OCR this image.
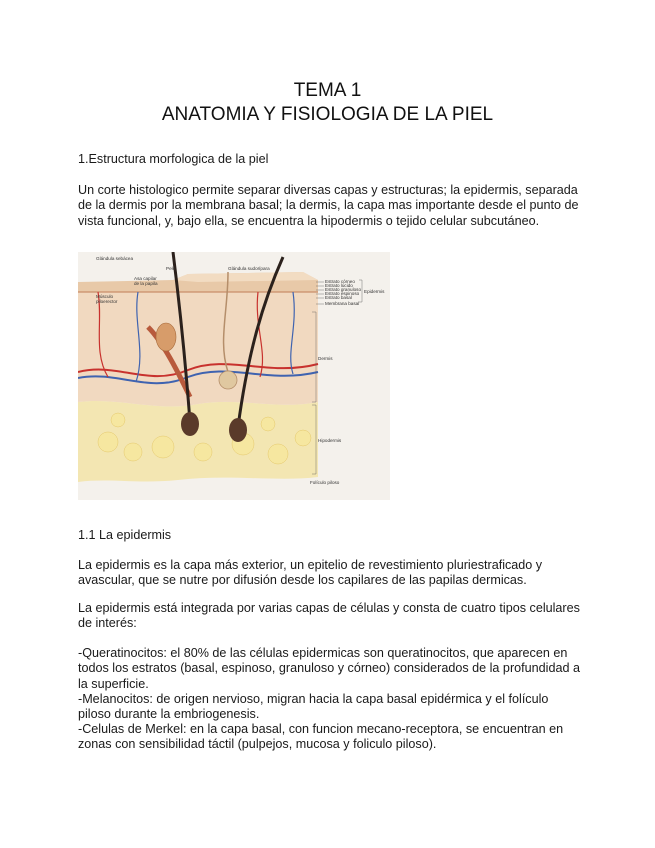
TEMA 1
ANATOMIA Y FISIOLOGIA DE LA PIEL

1.Estructura morfologica de la piel

Un corte histologico permite separar diversas capas y estructuras; la epidermis, separada de la dermis por la membrana basal; la dermis, la capa mas importante desde el punto de vista funcional, y, bajo ella, se encuentra la hipodermis o tejido celular subcutáneo.

Glándula sebácea
Pelo	Glándula sudorípara
Asa capilar
de la papila
Músculo
piloerector
Estrato córneo
Estrato lúcido
Estrato granuloso
Estrato espinoso
Estrato basal
Membrana basal
Epidermis
Dermis
Hipodermis
Folículo piloso

1.1 La epidermis

La epidermis es la capa más exterior, un epitelio de revestimiento pluriestraficado y avascular, que se nutre por difusión desde los capilares de las papilas dermicas.

La epidermis está integrada por varias capas de células y consta de cuatro tipos celulares de interés:

-Queratinocitos: el 80% de las células epidermicas son queratinocitos, que aparecen en todos los estratos (basal, espinoso, granuloso y córneo) considerados de la profundidad a la superficie.

-Melanocitos: de origen nervioso, migran hacia la capa basal epidérmica y el folículo piloso durante la embriogenesis.

-Celulas de Merkel: en la capa basal, con funcion mecano-receptora, se encuentran en zonas con sensibilidad táctil (pulpejos, mucosa y foliculo piloso).
